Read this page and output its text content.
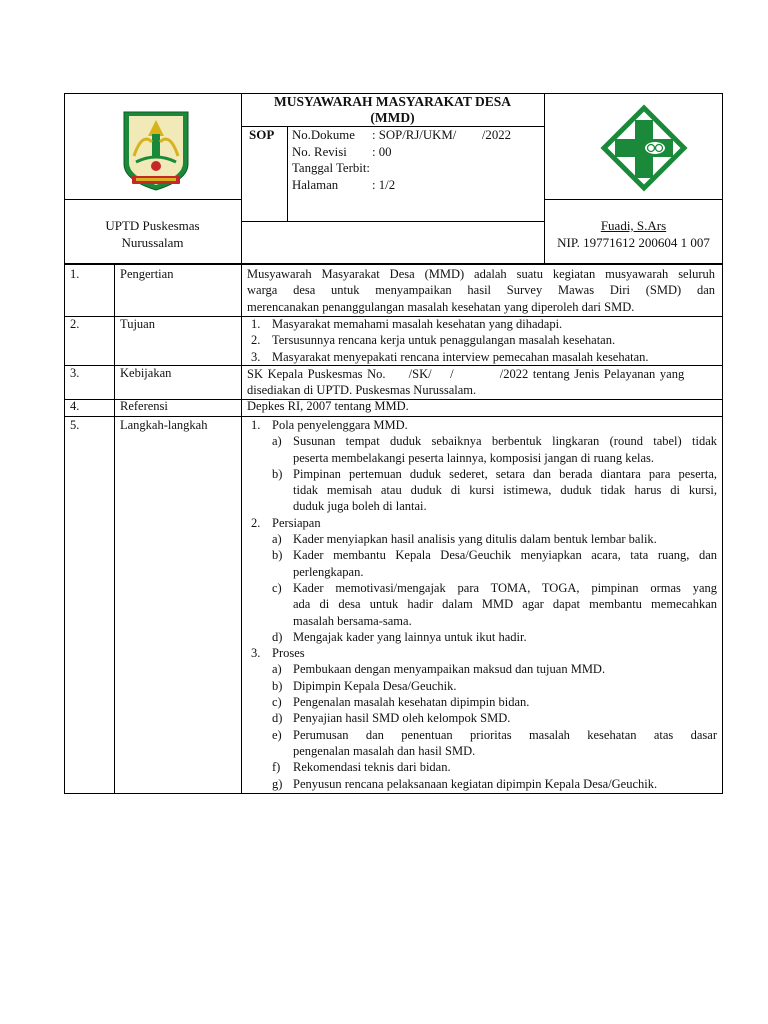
MUSYAWARAH MASYARAKAT DESA
(MMD)
SOP No.Dokume : SOP/RJ/UKM/        /2022
No. Revisi : 00
Tanggal Terbit:
Halaman	: 1/2
UPTD Puskesmas
Nurussalam
Fuadi, S.Ars
NIP. 19771612 200604 1 007
1.	Pengertian	Musyawarah Masyarakat Desa (MMD) adalah suatu kegiatan musyawarah seluruh
warga desa untuk menyampaikan hasil Survey Mawas Diri (SMD) dan
merencanakan penanggulangan masalah kesehatan yang diperoleh dari SMD.
2.	Tujuan	1. Masyarakat memahami masalah kesehatan yang dihadapi.
2. Tersusunnya rencana kerja untuk penaggulangan masalah kesehatan.
3. Masyarakat menyepakati rencana interview pemecahan masalah kesehatan.
3.	Kebijakan	SK Kepala Puskesmas No.     /SK/    /          /2022 tentang Jenis Pelayanan yang
disediakan di UPTD. Puskesmas Nurussalam.
4.	Referensi	Depkes RI, 2007 tentang MMD.
5.	Langkah-langkah	1. Pola penyelenggara MMD.
a) Susunan tempat duduk sebaiknya berbentuk lingkaran (round tabel) tidak
peserta membelakangi peserta lainnya, komposisi jangan di ruang kelas.
b) Pimpinan pertemuan duduk sederet, setara dan berada diantara para peserta,
tidak memisah atau duduk di kursi istimewa, duduk tidak harus di kursi,
duduk juga boleh di lantai.
2. Persiapan
a) Kader menyiapkan hasil analisis yang ditulis dalam bentuk lembar balik.
b) Kader membantu Kepala Desa/Geuchik menyiapkan acara, tata ruang, dan
perlengkapan.
c) Kader memotivasi/mengajak para TOMA, TOGA, pimpinan ormas yang
ada di desa untuk hadir dalam MMD agar dapat membantu memecahkan
masalah bersama-sama.
d) Mengajak kader yang lainnya untuk ikut hadir.
3. Proses
a) Pembukaan dengan menyampaikan maksud dan tujuan MMD.
b) Dipimpin Kepala Desa/Geuchik.
c) Pengenalan masalah kesehatan dipimpin bidan.
d) Penyajian hasil SMD oleh kelompok SMD.
e) Perumusan dan penentuan prioritas masalah kesehatan atas dasar
pengenalan masalah dan hasil SMD.
f) Rekomendasi teknis dari bidan.
g) Penyusun rencana pelaksanaan kegiatan dipimpin Kepala Desa/Geuchik.
